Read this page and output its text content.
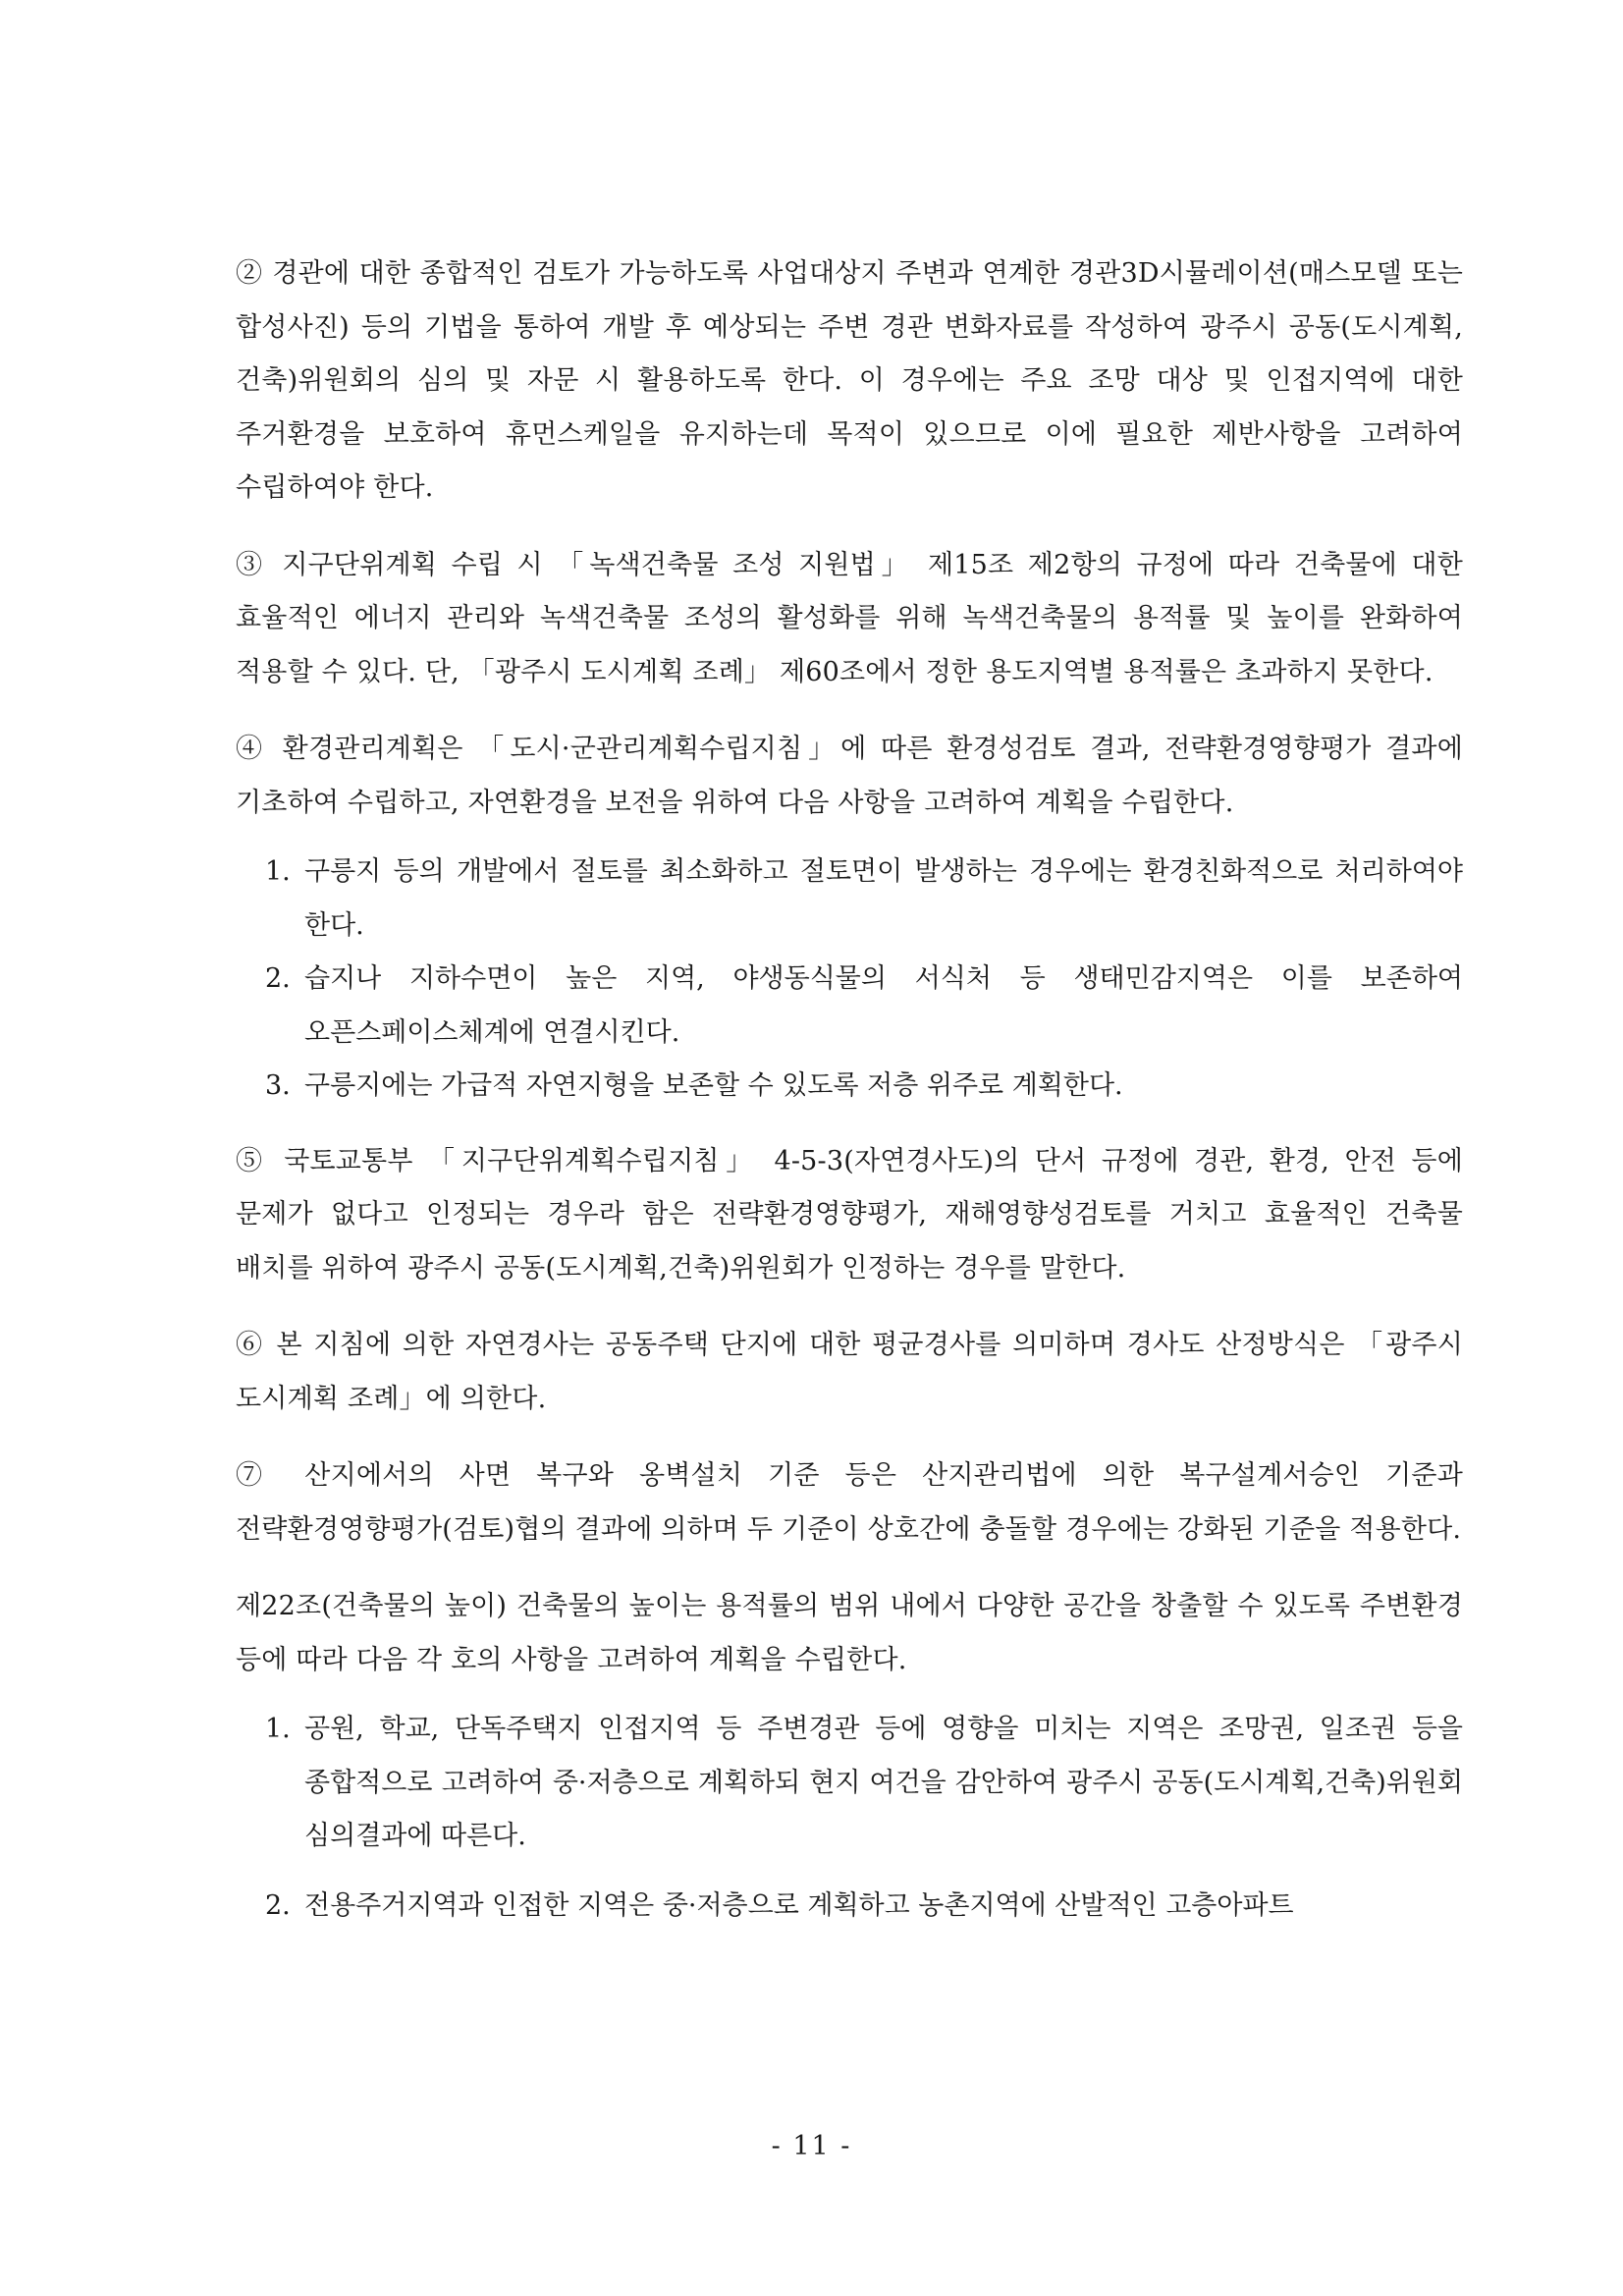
② 경관에 대한 종합적인 검토가 가능하도록 사업대상지 주변과 연계한 경관3D시뮬레이션(매스모델 또는 합성사진) 등의 기법을 통하여 개발 후 예상되는 주변 경관 변화자료를 작성하여 광주시 공동(도시계획,건축)위원회의 심의 및 자문 시 활용하도록 한다. 이 경우에는 주요 조망 대상 및 인접지역에 대한 주거환경을 보호하여 휴먼스케일을 유지하는데 목적이 있으므로 이에 필요한 제반사항을 고려하여 수립하여야 한다.

③ 지구단위계획 수립 시 「녹색건축물 조성 지원법」 제15조 제2항의 규정에 따라 건축물에 대한 효율적인 에너지 관리와 녹색건축물 조성의 활성화를 위해 녹색건축물의 용적률 및 높이를 완화하여 적용할 수 있다. 단, 「광주시 도시계획 조례」 제60조에서 정한 용도지역별 용적률은 초과하지 못한다.

④ 환경관리계획은 「도시·군관리계획수립지침」에 따른 환경성검토 결과, 전략환경영향평가 결과에 기초하여 수립하고, 자연환경을 보전을 위하여 다음 사항을 고려하여 계획을 수립한다.

1. 구릉지 등의 개발에서 절토를 최소화하고 절토면이 발생하는 경우에는 환경친화적으로 처리하여야 한다.
2. 습지나 지하수면이 높은 지역, 야생동식물의 서식처 등 생태민감지역은 이를 보존하여 오픈스페이스체계에 연결시킨다.
3. 구릉지에는 가급적 자연지형을 보존할 수 있도록 저층 위주로 계획한다.

⑤ 국토교통부 「지구단위계획수립지침」 4-5-3(자연경사도)의 단서 규정에 경관, 환경, 안전 등에 문제가 없다고 인정되는 경우라 함은 전략환경영향평가, 재해영향성검토를 거치고 효율적인 건축물 배치를 위하여 광주시 공동(도시계획,건축)위원회가 인정하는 경우를 말한다.

⑥ 본 지침에 의한 자연경사는 공동주택 단지에 대한 평균경사를 의미하며 경사도 산정방식은 「광주시 도시계획 조례」에 의한다.

⑦ 산지에서의 사면 복구와 옹벽설치 기준 등은 산지관리법에 의한 복구설계서승인 기준과 전략환경영향평가(검토)협의 결과에 의하며 두 기준이 상호간에 충돌할 경우에는 강화된 기준을 적용한다.

제22조(건축물의 높이) 건축물의 높이는 용적률의 범위 내에서 다양한 공간을 창출할 수 있도록 주변환경 등에 따라 다음 각 호의 사항을 고려하여 계획을 수립한다.

1. 공원, 학교, 단독주택지 인접지역 등 주변경관 등에 영향을 미치는 지역은 조망권, 일조권 등을 종합적으로 고려하여 중·저층으로 계획하되 현지 여건을 감안하여 광주시 공동(도시계획,건축)위원회 심의결과에 따른다.
2. 전용주거지역과 인접한 지역은 중·저층으로 계획하고 농촌지역에 산발적인 고층아파트
- 11 -
